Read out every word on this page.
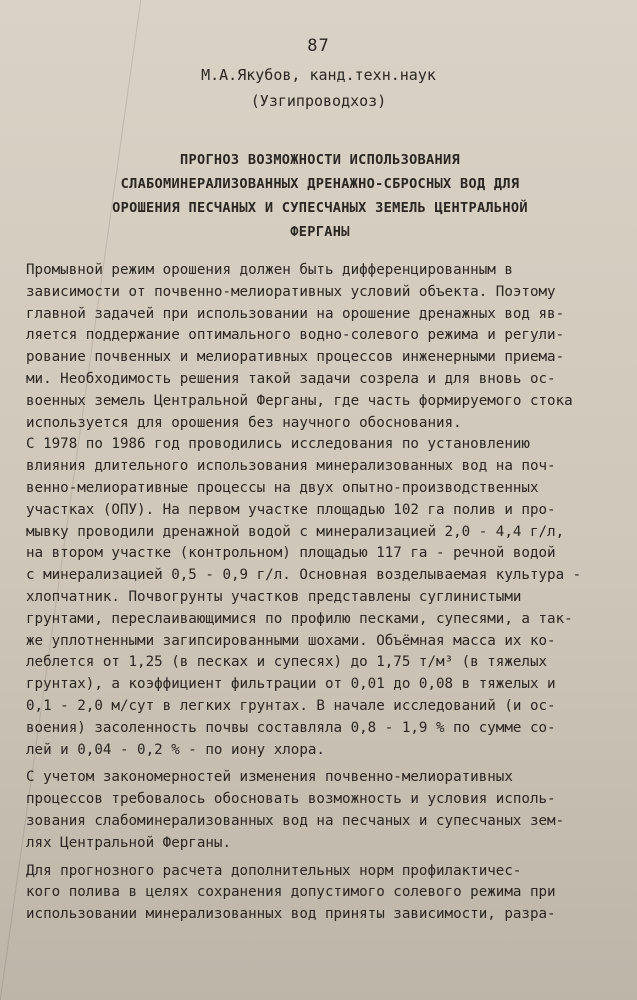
87
М.А.Якубов, канд.техн.наук
(Узгипроводхоз)
ПРОГНОЗ ВОЗМОЖНОСТИ ИСПОЛЬЗОВАНИЯ
СЛАБОМИНЕРАЛИЗОВАННЫХ ДРЕНАЖНО-СБРОСНЫХ ВОД ДЛЯ
ОРОШЕНИЯ ПЕСЧАНЫХ И СУПЕСЧАНЫХ ЗЕМЕЛЬ ЦЕНТРАЛЬНОЙ
ФЕРГАНЫ
Промывной режим орошения должен быть дифференцированным в
зависимости от почвенно-мелиоративных условий объекта. Поэтому
главной задачей при использовании на орошение дренажных вод яв-
ляется поддержание оптимального водно-солевого режима и регули-
рование почвенных и мелиоративных процессов инженерными приема-
ми. Необходимость решения такой задачи созрела и для вновь ос-
военных земель Центральной Ферганы, где часть формируемого стока
используется для орошения без научного обоснования.
С 1978 по 1986 год проводились исследования по установлению
влияния длительного использования минерализованных вод на поч-
венно-мелиоративные процессы на двух опытно-производственных
участках (ОПУ). На первом участке площадью 102 га полив и про-
мывку проводили дренажной водой с минерализацией 2,0 - 4,4 г/л,
на втором участке (контрольном) площадью 117 га - речной водой
с минерализацией 0,5 - 0,9 г/л. Основная возделываемая культура -
хлопчатник. Почвогрунты участков представлены суглинистыми
грунтами, переслаивающимися по профилю песками, супесями, а так-
же уплотненными загипсированными шохами. Объёмная масса их ко-
леблется от 1,25 (в песках и супесях) до 1,75 т/м³ (в тяжелых
грунтах), а коэффициент фильтрации от 0,01 до 0,08 в тяжелых и
0,1 - 2,0 м/сут в легких грунтах. В начале исследований (и ос-
воения) засоленность почвы составляла 0,8 - 1,9 % по сумме со-
лей и 0,04 - 0,2 % - по иону хлора.
С учетом закономерностей изменения почвенно-мелиоративных
процессов требовалось обосновать возможность и условия исполь-
зования слабоминерализованных вод на песчаных и супесчаных зем-
лях Центральной Ферганы.
Для прогнозного расчета дополнительных норм профилактичес-
кого полива в целях сохранения допустимого солевого режима при
использовании минерализованных вод приняты зависимости, разра-
